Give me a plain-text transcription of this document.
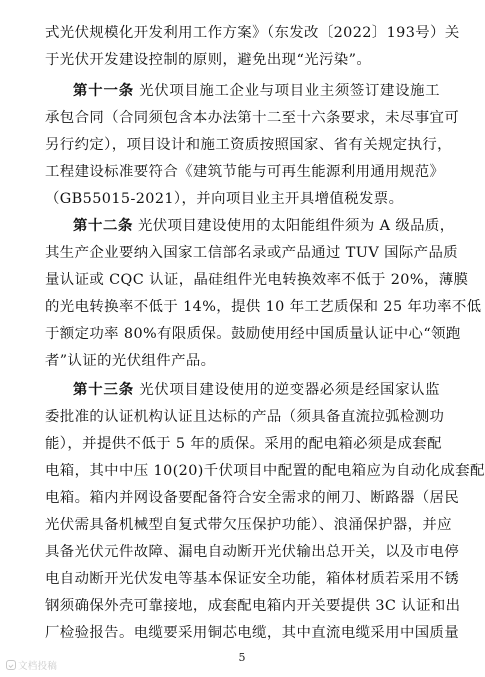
式光伏规模化开发利用工作方案》（东发改〔2022〕193号）关
于光伏开发建设控制的原则，避免出现“光污染”。
第十一条 光伏项目施工企业与项目业主须签订建设施工
承包合同（合同须包含本办法第十二至十六条要求，未尽事宜可
另行约定），项目设计和施工资质按照国家、省有关规定执行，
工程建设标准要符合《建筑节能与可再生能源利用通用规范》
（GB55015-2021），并向项目业主开具增值税发票。
第十二条 光伏项目建设使用的太阳能组件须为 A 级品质，
其生产企业要纳入国家工信部名录或产品通过 TUV 国际产品质
量认证或 CQC 认证，晶硅组件光电转换效率不低于 20%，薄膜
的光电转换率不低于 14%，提供 10 年工艺质保和 25 年功率不低
于额定功率 80%有限质保。鼓励使用经中国质量认证中心“领跑
者”认证的光伏组件产品。
第十三条 光伏项目建设使用的逆变器必须是经国家认监
委批准的认证机构认证且达标的产品（须具备直流拉弧检测功
能），并提供不低于 5 年的质保。采用的配电箱必须是成套配
电箱，其中中压 10(20)千伏项目中配置的配电箱应为自动化成套配
电箱。箱内并网设备要配备符合安全需求的闸刀、断路器（居民
光伏需具备机械型自复式带欠压保护功能）、浪涌保护器，并应
具备光伏元件故障、漏电自动断开光伏输出总开关，以及市电停
电自动断开光伏发电等基本保证安全功能，箱体材质若采用不锈
钢须确保外壳可靠接地，成套配电箱内开关要提供 3C 认证和出
厂检验报告。电缆要采用铜芯电缆，其中直流电缆采用中国质量
5
文档投稿
